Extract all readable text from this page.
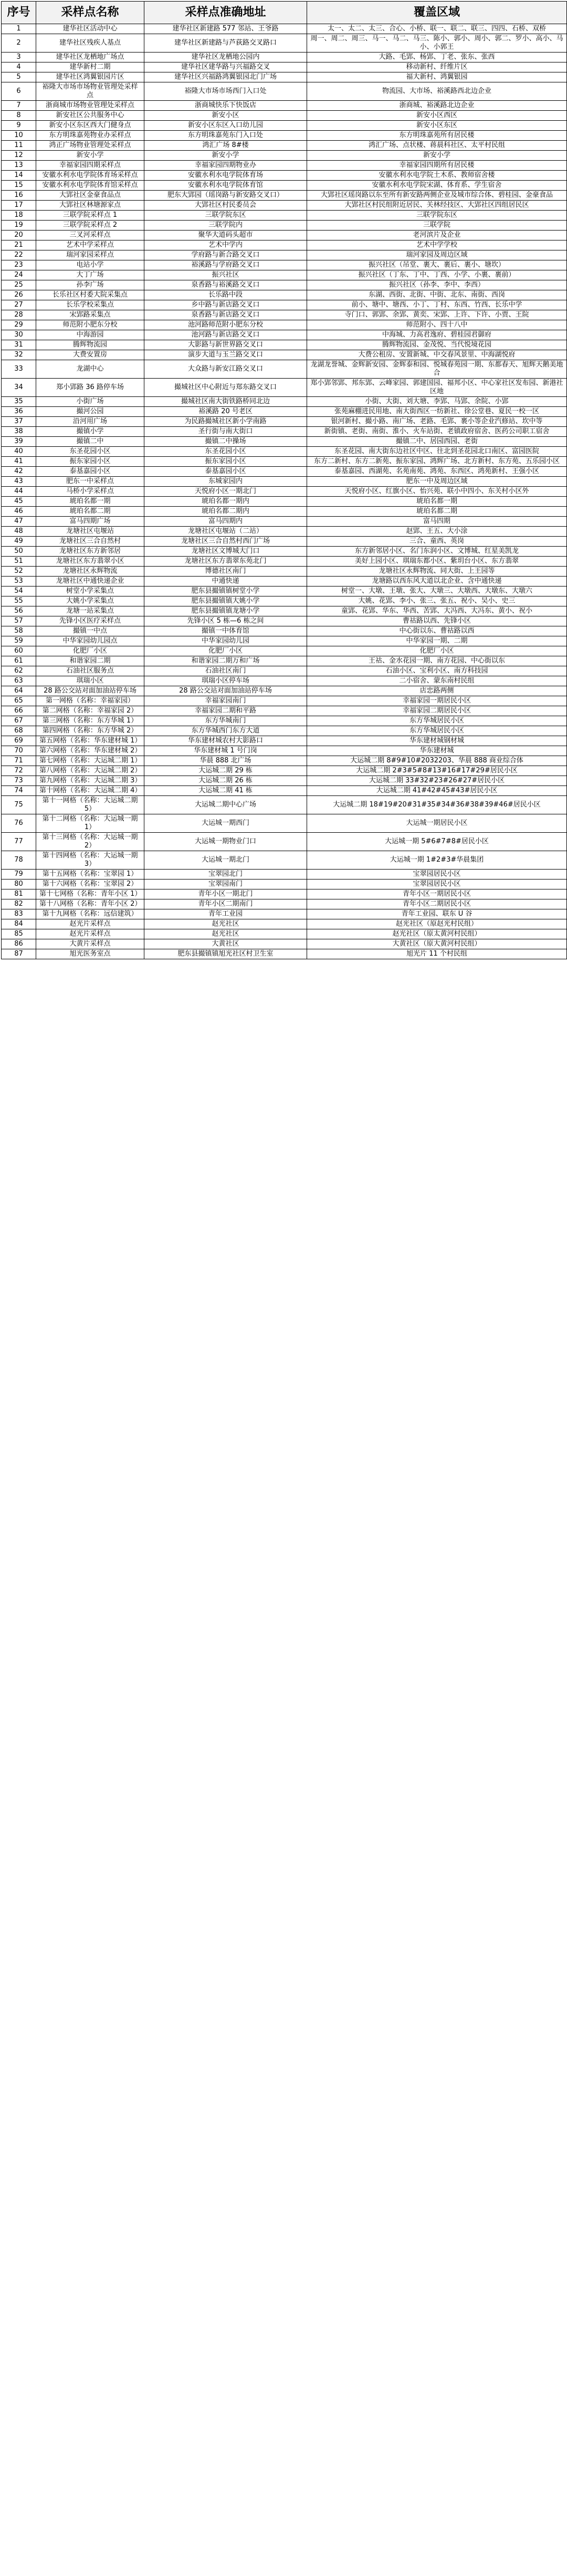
序号	采样点名称	采样点准确地址	覆盖区域
1	建华社区活动中心	建华社区新建路 577 邻站、王爷路	太一、太二、太三、合心、小桥、联一、联二、联三、四四、石桥、双桥
2	建华社区残疾人基点	建华社区新建路与芦荻路交叉路口	周一、周二、周三、马一、马二、马三、陈小、郭小、周小、郭二、罗小、高小、马小、小郭王
3	建华社区龙栖地广场点	建华社区龙栖地公园内	大路、毛郢、杨郢、丁老、张东、张西
4	建华新村二期	建华社区建华路与兴福路交叉	移动新村、纤维片区
5	建华社区鸿翼银园片区	建华社区兴福路鸿翼银园北门广场	福大新村、鸿翼银园
6	裕隆大市场市场物业管理处采样点	裕隆大市场市场西门入口处	物流园、大市场、裕溪路西北边企业
7	浙商城市场物业管理处采样点	浙商城快乐下快饭店	浙商城、裕溪路北边企业
8	新安社区公共服务中心	新安小区	新安小区西区
9	新安小区东区西大门健身点	新安小区东区入口幼儿园	新安小区东区
10	东方明珠嘉苑物业办采样点	东方明珠嘉苑东门入口处	东方明珠嘉苑所有居民楼
11	鸿正广场物业管理处采样点	鸿汇广场 8#楼	鸿汇广场、点状楼、蒋晨科社区、太平村民组
12	新安小学	新安小学	新安小学
13	幸福家园四期采样点	幸福家园四期物业办	幸福家园四期所有居民楼
14	安徽水利水电学院体育场采样点	安徽水利水电学院体育场	安徽水利水电学院土木系、教师宿舍楼
15	安徽水利水电学院体育馆采样点	安徽水利水电学院体育馆	安徽水利水电学院宋湖、体育系、学生宿舍
16	大郢社区金豪食品点	肥东大郢园（瑶岗路与新安路交叉口）	大郢社区瑶岗路以东至所有新安路两侧企业及城市综合体、碧桂园、金豪食品
17	大郢社区林塘源家点	大郢社区村民委员会	大郢社区村民组附近居民、关林经技区、大郢社区四组居民区
18	三联学院采样点 1	三联学院东区	三联学院东区
19	三联学院采样点 2	三联学院内	三联学院
20	三叉河采样点	聚华大道码头超市	老河滨片及企业
21	艺术中学采样点	艺术中学内	艺术中学学校
22	瑞河家园采样点	学府路与新合路交叉口	瑞河家园及周边区域
23	电站小学	裕溪路与学府路交叉口	振兴社区（吊堂、裹大、裹后、裹小、塘坎）
24	大丁广场	振兴社区	振兴社区（丁东、丁中、丁西、小学、小裹、裹前）
25	孙李广场	泉香路与裕溪路交叉口	振兴社区（孙李、李中、李西）
26	长乐社区村委大院采集点	长乐路中段	东湖、西街、北街、中街、北东、南街、西岗
27	长乐学校采集点	乡中路与新店路交叉口	前小、塘中、塘西、小丁、丁村、东西、竹西、长乐中学
28	宋郢路采集点	泉香路与新店路交叉口	寺门口、郭郢、余郢、黄奕、宋郢、上许、下许、小贾、王院
29	师范附小肥东分校	池河路师范附小肥东分校	师范附小、四十八中
30	中海游园	池河路与新店路交叉口	中海城、力高君逸府、碧桂园君御府
31	腾辉物流园	大影路与新世界路交叉口	腾辉物流园、金茂悦、当代悦境花园
32	大费安置房	演步大道与玉兰路交叉口	大费公租房、安置新城、中交春风景里、中海湖悦府
33	龙湖中心	大众路与新安江路交叉口	龙湖龙誉城、金辉新安园、金辉泰和园、悦城春苑园一期、东都春天、旭辉天鹅美地合
34	郑小郢路 36 路停车场	撮城社区中心附近与郑东路交叉口	郑小郢邻郢、邦东郢、云峰家园、郭建国园、福邦小区、中心家社区发布园、新港社区地
35	小街广场	撮城社区南大街铁路桥同北边	小街、大街、刘大塘、李郢、马郢、余院、小郢
36	撮河公园	裕溪路 20 号老区	张苑麻棚进民用地、南大街西区一纺新社、徐公堂巷、夏民一校一区
37	沿河用广场	为民路撮城社区新小学南路	银河新村、撮小路、南广场、老路、毛郢、裹小等企业汽修站、坎中等
38	撮镇小学	圣行街与南大街口	新街镇、老街、南街、淮小、火车站街、老镇政府宿舍、医药公司职工宿舍
39	撮镇二中	撮镇二中操场	撮镇二中、居园西园、老街
40	东圣花园小区	东圣花园小区	东圣花园、南大街东边社区中区、往北到圣花园北口南区、富园医院
41	振东家园小区	振东家园小区	东方二新村、东方二新苑、振东家园、鸿辉广场、北方新村、东方苑、五乐园小区
42	泰基嘉园小区	泰基嘉园小区	泰基嘉园、西湖苑、名苑南苑、鸿苑、东西区、鸿苑新村、王强小区
43	肥东一中采样点	东城家园内	肥东一中及周边区域
44	马桥小学采样点	天悦府小区一期北门	天悦府小区、红旗小区、怡兴苑、联小中四小、东关村小区外
45	琥珀名都一期	琥珀名都一期内	琥珀名都一期
46	琥珀名都二期	琥珀名都二期内	琥珀名都二期
47	富马四期广场	富马四期内	富马四期
48	龙塘社区屯堰站	龙塘社区屯堰站（二站）	赵郢、王五、大小涂
49	龙塘社区三合自然村	龙塘社区三合自然村西门广场	三合、童西、英岗
50	龙塘社区东方新邻居	龙塘社区文博城大门口	东方新邻居小区、名门东润小区、文博城、红星美凯龙
51	龙塘社区东方翡翠小区	龙塘社区东方翡翠东苑北门	美好上园小区、琪瑞东都小区、紫玥台小区、东方翡翠
52	龙塘社区永辉物流	博德社区南门	龙塘社区永辉物流、同大街、上王园等
53	龙塘社区中通快递企业	中通快递	龙塘路以西东风大道以北企业、含中通快递
54	树堂小学采集点	肥东县撮镇镇树堂小学	树堂一、大墩、王墩、张大、大墩三、大墩西、大墩东、大墩六
55	大姚小学采集点	肥东县撮镇镇大姚小学	大姚、花郢、李小、张三、张五、祝小、吴小、史三
56	龙塘一站采集点	肥东县撮镇镇龙塘小学	童郢、花郢、华东、华西、苦郢、大冯西、大冯东、黄小、祝小
57	先锋小区医疗采样点	先锋小区 5 栋—6 栋之间	曹祜路以西、先锋小区
58	撮镇一中点	撮镇一中体育馆	中心街以东、曹祜路以西
59	中华家园幼儿园点	中华家园幼儿园	中华家园一期、二期
60	化肥厂小区	化肥厂小区	化肥厂小区
61	和谐家园二期	和谐家园二期万和广场	王祜、金水花园一期、南方花园、中心街以东
62	石油社区服务点	石油社区南门	石油小区、宝利小区、南方科技园
63	琪瑞小区	琪瑞小区停车场	二小宿舍、蒙东南村民组
64	28 路公交站对面加油站停车场	28 路公交站对面加油站停车场	店忠路两侧
65	第一网格（名称：幸福家园）	幸福家园南门	幸福家园一期居民小区
66	第二网格（名称：幸福家园 2）	幸福家园二期和平路	幸福家园二期居民小区
67	第三网格（名称：东方华城 1）	东方华城南门	东方华城居民小区
68	第四网格（名称：东方华城 2）	东方华城西门东方大道	东方华城居民小区
69	第五网格（名称：华东建材城 1）	华东建材城农村大影路口	华东建材城钢材城
70	第六网格（名称：华东建材城 2）	华东建材城 1 号门岗	华东建材城
71	第七网格（名称：大运城二期 1）	华晨 888 北广场	大运城二期 8#9#10#2032203、华晨 888 商业综合体
72	第八网格（名称：大运城二期 2）	大运城二期 29 栋	大运城二期 2#3#5#8#13#16#17#29#居民小区
73	第九网格（名称：大运城二期 3）	大运城二期 26 栋	大运城二期 33#32#23#26#27#居民小区
74	第十网格（名称：大运城二期 4）	大运城二期 41 栋	大运城二期 41#42#45#43#居民小区
75	第十一网格（名称：大运城二期 5）	大运城二期中心广场	大运城二期 18#19#20#31#35#34#36#38#39#46#居民小区
76	第十二网格（名称：大运城一期 1）	大运城一期西门	大运城一期居民小区
77	第十三网格（名称：大运城一期 2）	大运城一期物业门口	大运城一期 5#6#7#8#居民小区
78	第十四网格（名称：大运城一期 3）	大运城一期北门	大运城一期 1#2#3#华晨集团
79	第十五网格（名称：宝翠园 1）	宝翠园北门	宝翠园居民小区
80	第十六网格（名称：宝翠园 2）	宝翠园南门	宝翠园居民小区
81	第十七网格（名称：青年小区 1）	青年小区一期北门	青年小区一期居民小区
82	第十八网格（名称：青年小区 2）	青年小区二期南门	青年小区二期居民小区
83	第十九网格（名称：远信建筑）	青年工业园	青年工业园、联东 U 谷
84	赵光片采样点	赵光社区	赵光社区（原赵光村民组）
85	赵光片采样点	赵光社区	赵光社区（原太黄河村民组）
86	大黄片采样点	大黄社区	大黄社区（原大黄河村民组）
87	旭光医务室点	肥东县撮镇镇旭光社区村卫生室	旭光片 11 个村民组
